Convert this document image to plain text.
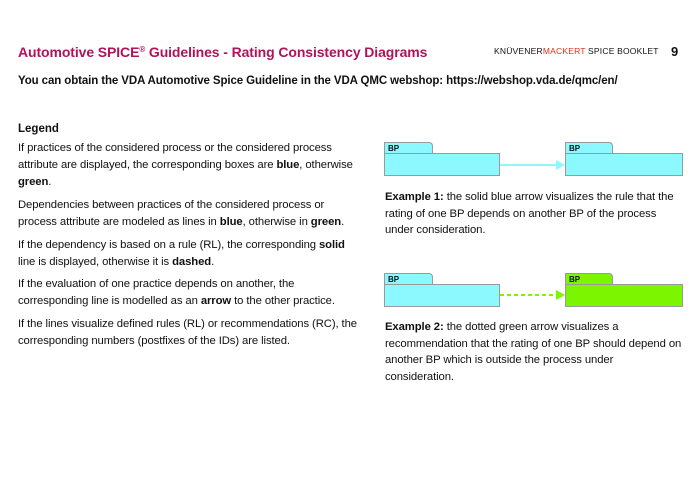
Automotive SPICE® Guidelines - Rating Consistency Diagrams	KNÜVENERMACKERT SPICE BOOKLET 9
You can obtain the VDA Automotive Spice Guideline in the VDA QMC webshop: https://webshop.vda.de/qmc/en/
Legend
If practices of the considered process or the considered process attribute are displayed, the corresponding boxes are blue, otherwise green.
Dependencies between practices of the considered process or process attribute are modeled as lines in blue, otherwise in green.
If the dependency is based on a rule (RL), the corresponding solid line is displayed, otherwise it is dashed.
If the evaluation of one practice depends on another, the corresponding line is modelled as an arrow to the other practice.
If the lines visualize defined rules (RL) or recommendations (RC), the corresponding numbers (postfixes of the IDs) are listed.
BP	BP
Example 1: the solid blue arrow visualizes the rule that the rating of one BP depends on another BP of the process under consideration.
BP	BP
Example 2: the dotted green arrow visualizes a recommendation that the rating of one BP should depend on another BP which is outside the process under consideration.
